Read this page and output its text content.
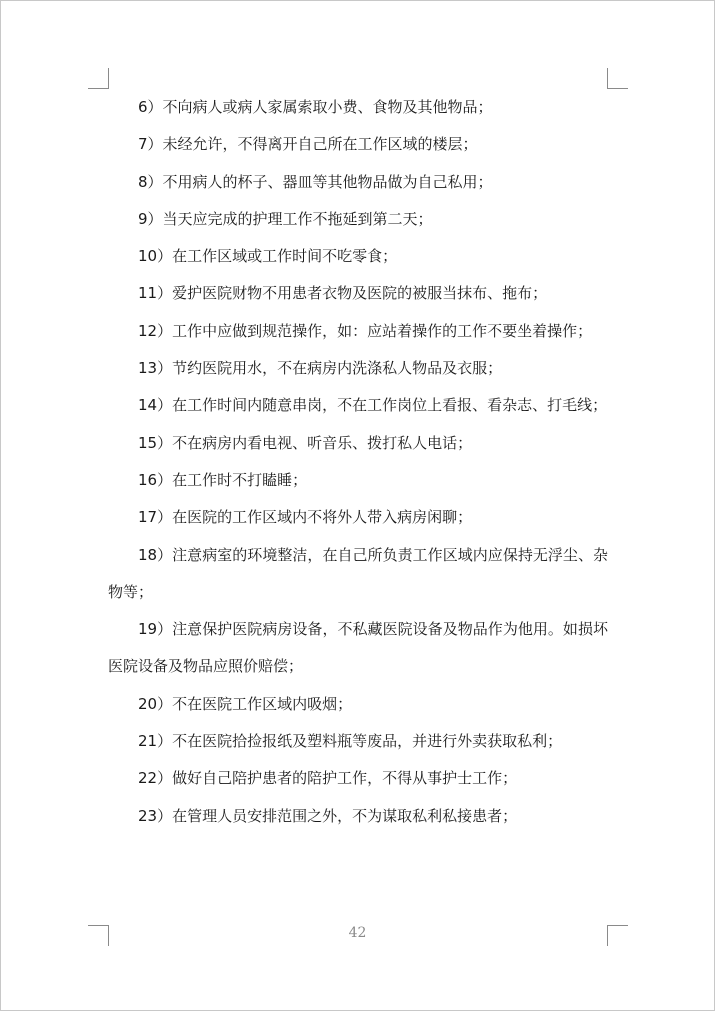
6）不向病人或病人家属索取小费、食物及其他物品；

7）未经允许，不得离开自己所在工作区域的楼层；

8）不用病人的杯子、器皿等其他物品做为自己私用；

9）当天应完成的护理工作不拖延到第二天；

10）在工作区域或工作时间不吃零食；

11）爱护医院财物不用患者衣物及医院的被服当抹布、拖布；

12）工作中应做到规范操作，如：应站着操作的工作不要坐着操作；

13）节约医院用水，不在病房内洗涤私人物品及衣服；

14）在工作时间内随意串岗，不在工作岗位上看报、看杂志、打毛线；

15）不在病房内看电视、听音乐、拨打私人电话；

16）在工作时不打瞌睡；

17）在医院的工作区域内不将外人带入病房闲聊；

18）注意病室的环境整洁，在自己所负责工作区域内应保持无浮尘、杂物等；

19）注意保护医院病房设备，不私藏医院设备及物品作为他用。如损坏医院设备及物品应照价赔偿；

20）不在医院工作区域内吸烟；

21）不在医院拾捡报纸及塑料瓶等废品，并进行外卖获取私利；

22）做好自己陪护患者的陪护工作，不得从事护士工作；

23）在管理人员安排范围之外，不为谋取私利私接患者；

42
